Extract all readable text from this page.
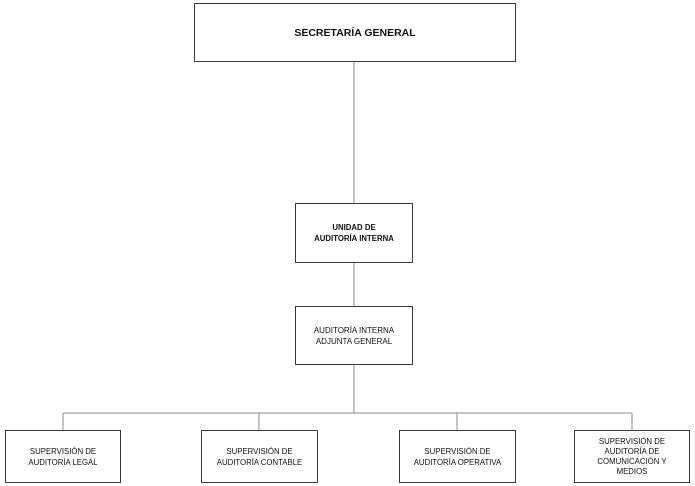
SECRETARÍA GENERAL
UNIDAD DE
AUDITORÍA INTERNA
AUDITORÍA INTERNA
ADJUNTA GENERAL
SUPERVISIÓN DE
AUDITORÍA LEGAL
SUPERVISIÓN DE
AUDITORÍA CONTABLE
SUPERVISIÓN DE
AUDITORÍA OPERATIVA
SUPERVISIÓN DE
AUDITORÍA DE
COMUNICACIÓN Y
MEDIOS
